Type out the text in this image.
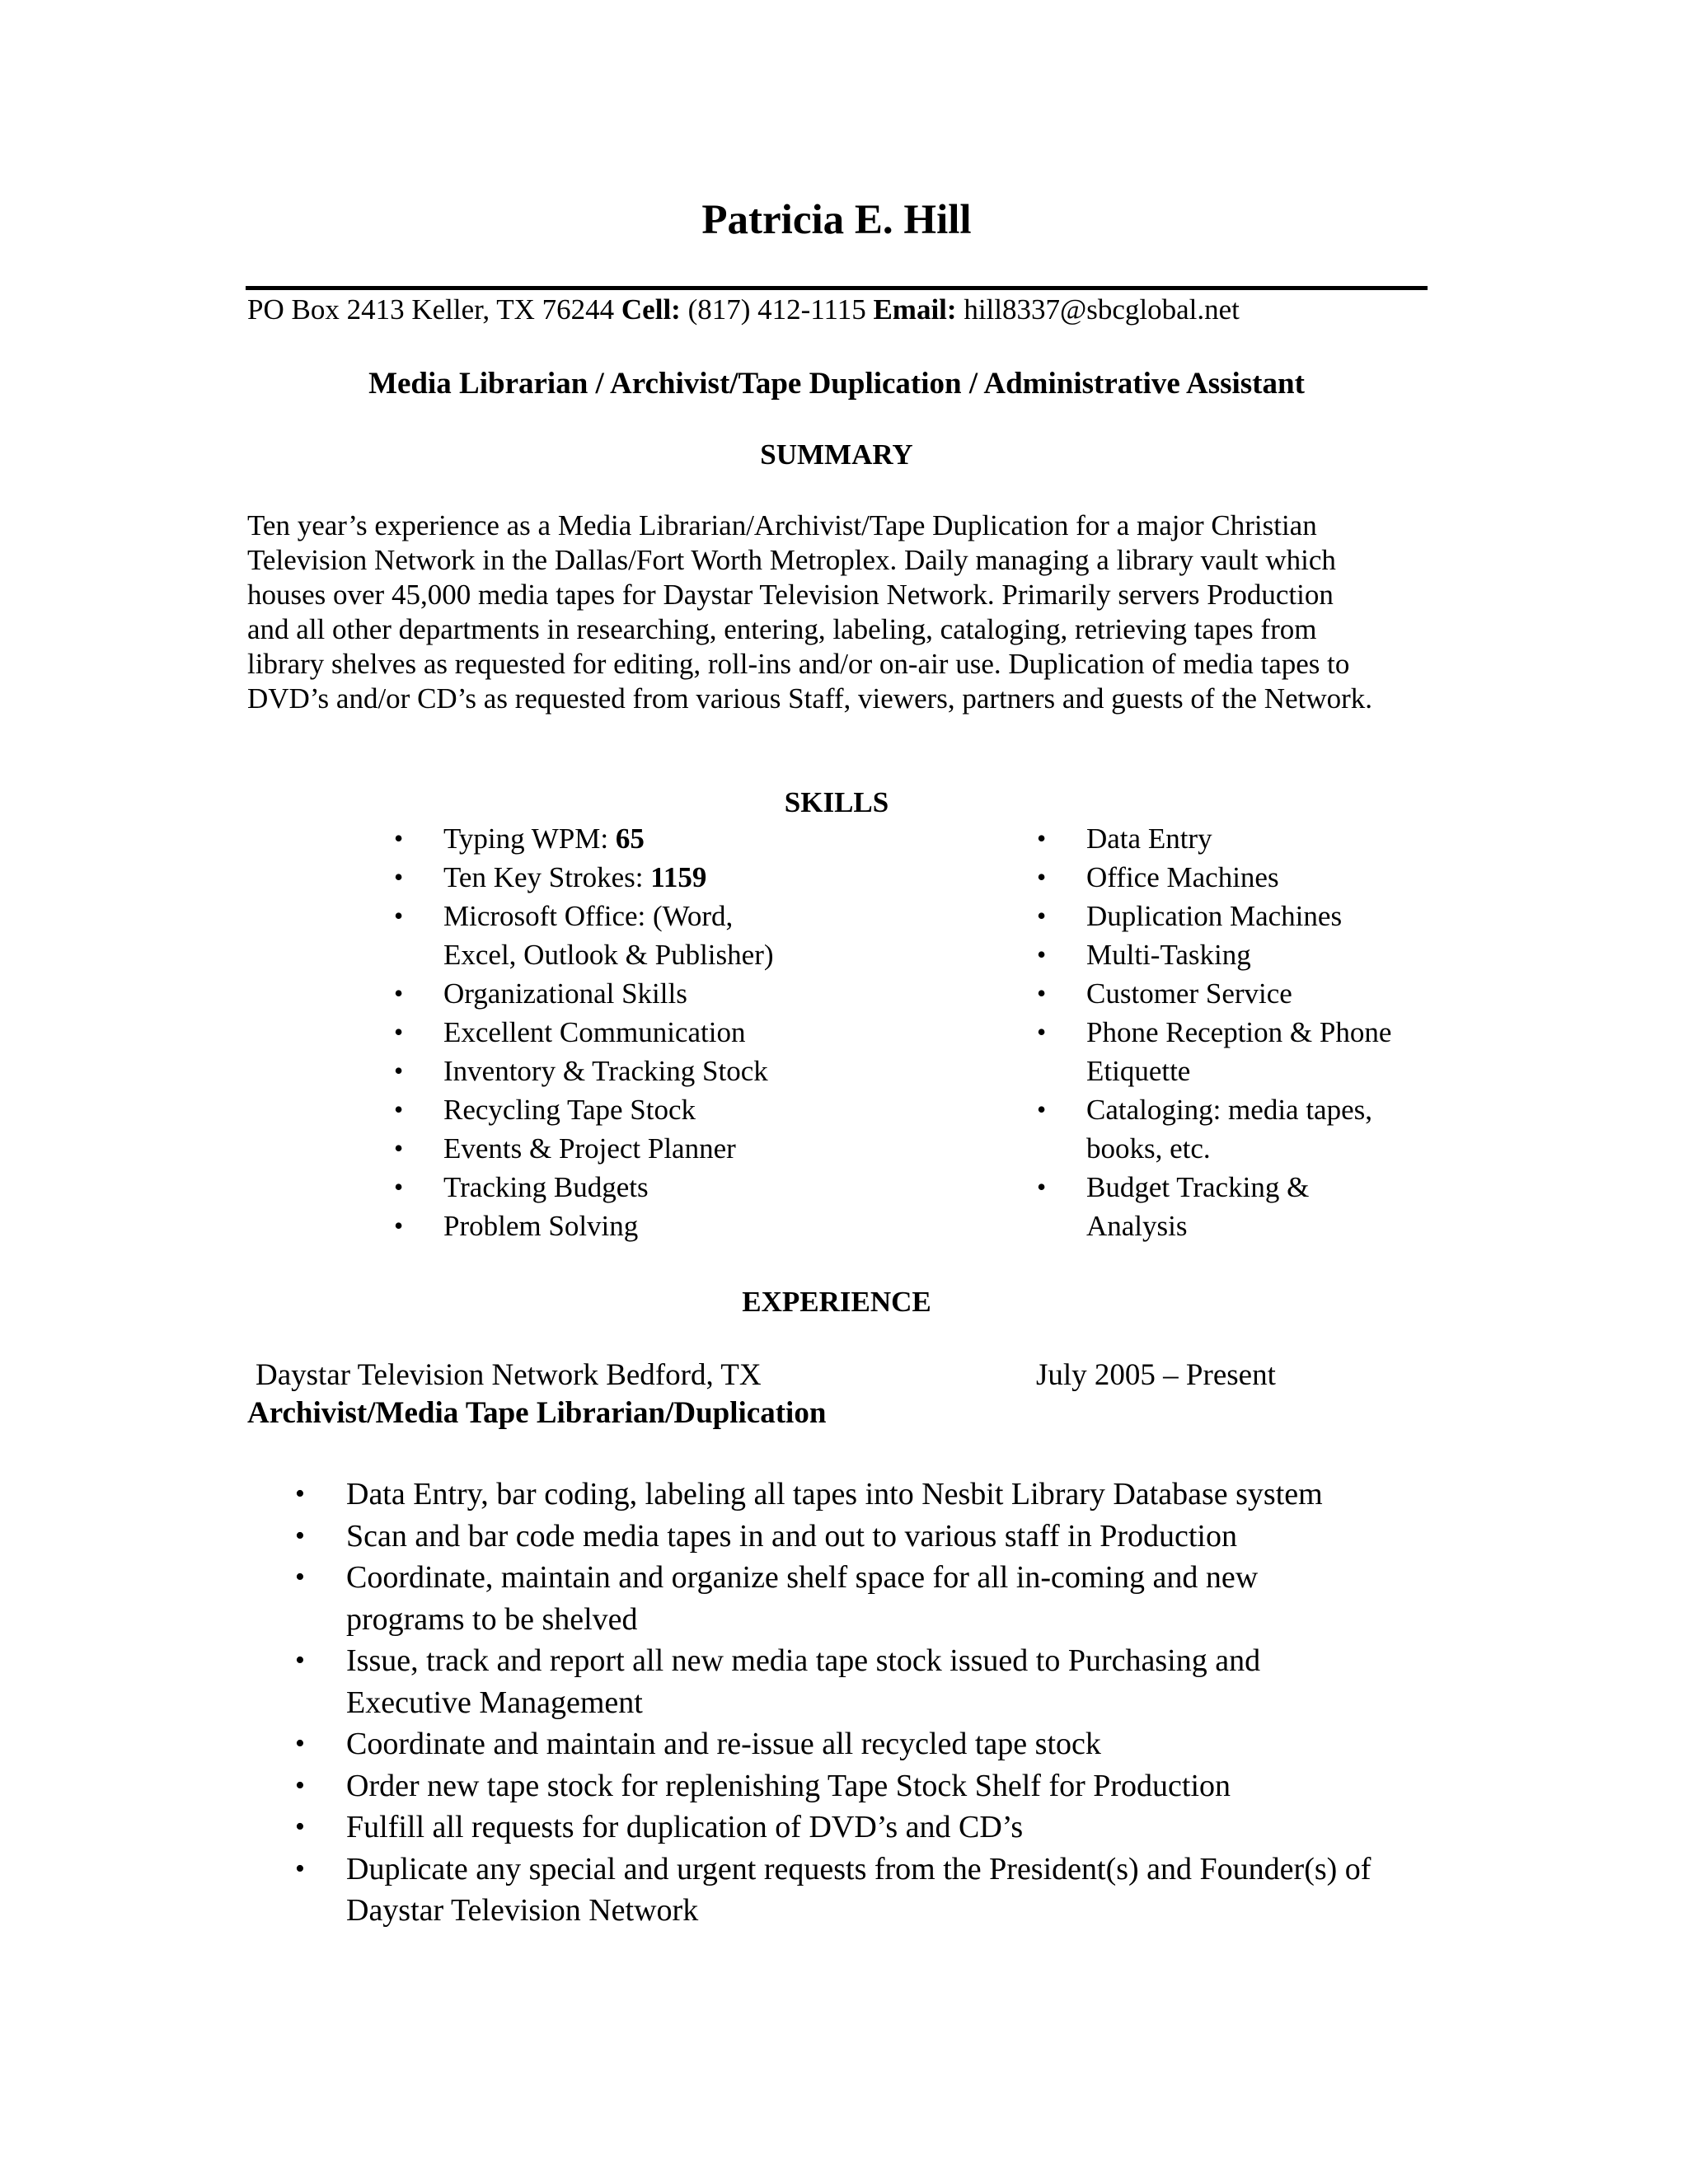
Patricia E. Hill

PO Box 2413 Keller, TX 76244 Cell: (817) 412-1115 Email: hill8337@sbcglobal.net

Media Librarian / Archivist/Tape Duplication / Administrative Assistant
SUMMARY
Ten year’s experience as a Media Librarian/Archivist/Tape Duplication for a major Christian
Television Network in the Dallas/Fort Worth Metroplex. Daily managing a library vault which
houses over 45,000 media tapes for Daystar Television Network. Primarily servers Production
and all other departments in researching, entering, labeling, cataloging, retrieving tapes from
library shelves as requested for editing, roll-ins and/or on-air use. Duplication of media tapes to
DVD’s and/or CD’s as requested from various Staff, viewers, partners and guests of the Network.
SKILLS
•	Typing WPM: 65
•	Ten Key Strokes: 1159
•	Microsoft Office: (Word,
Excel, Outlook & Publisher)
•	Organizational Skills
•	Excellent Communication
•	Inventory & Tracking Stock
•	Recycling Tape Stock
•	Events & Project Planner
•	Tracking Budgets
•	Problem Solving
•	Data Entry
•	Office Machines
•	Duplication Machines
•	Multi-Tasking
•	Customer Service
•	Phone Reception & Phone
Etiquette
•	Cataloging: media tapes,
books, etc.
•	Budget Tracking &
Analysis
EXPERIENCE

Daystar Television Network Bedford, TX	July 2005 – Present

Archivist/Media Tape Librarian/Duplication

•	Data Entry, bar coding, labeling all tapes into Nesbit Library Database system
•	Scan and bar code media tapes in and out to various staff in Production
•	Coordinate, maintain and organize shelf space for all in-coming and new
programs to be shelved
•	Issue, track and report all new media tape stock issued to Purchasing and
Executive Management
•	Coordinate and maintain and re-issue all recycled tape stock
•	Order new tape stock for replenishing Tape Stock Shelf for Production
•	Fulfill all requests for duplication of DVD’s and CD’s
•	Duplicate any special and urgent requests from the President(s) and Founder(s) of
Daystar Television Network
